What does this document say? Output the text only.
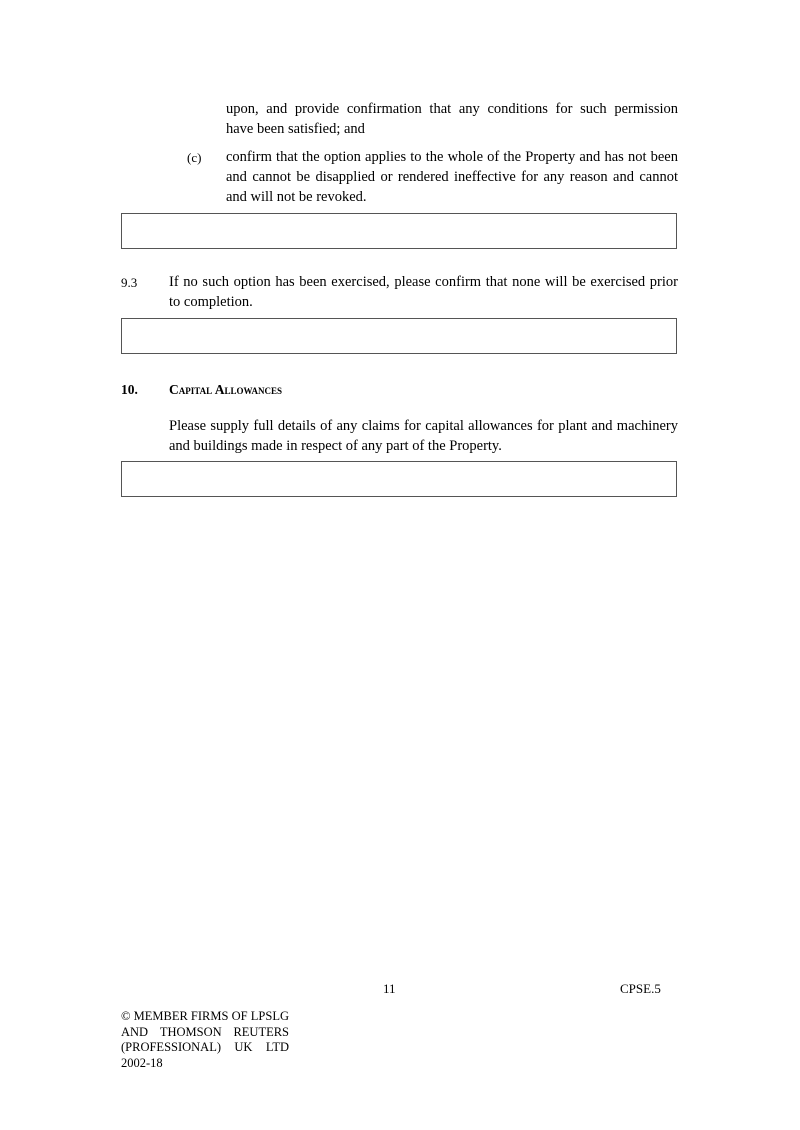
upon, and provide confirmation that any conditions for such permission
have been satisfied; and
(c) confirm that the option applies to the whole of the Property and has not been
and cannot be disapplied or rendered ineffective for any reason and cannot
and will not be revoked.
9.3 If no such option has been exercised, please confirm that none will be exercised prior
to completion.
10. Capital Allowances
Please supply full details of any claims for capital allowances for plant and machinery
and buildings made in respect of any part of the Property.
11	CPSE.5
© MEMBER FIRMS OF LPSLG
AND THOMSON REUTERS
(PROFESSIONAL) UK LTD
2002-18
